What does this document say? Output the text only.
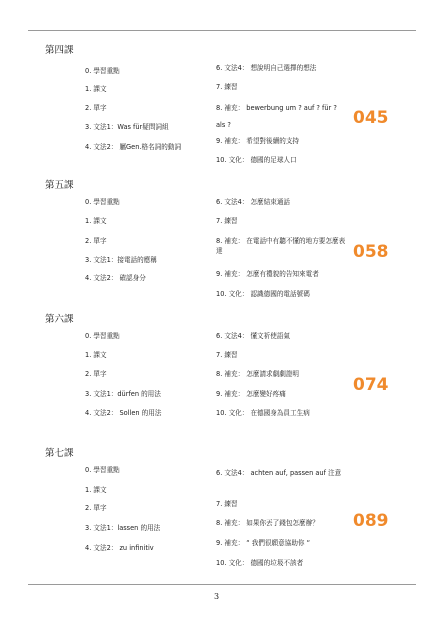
第四課
0. 學習重點
1. 課文
2. 單字
3. 文法1：Was für疑問詞組
4. 文法2： 屬Gen.格名詞的動詞
6. 文法4： 想說明自己選擇的想法
7. 練習
8. 補充： bewerbung um ? auf ? für ? als ?
9. 補充： 希望對後續的支持
10. 文化： 德國的足球人口
045
第五課
0. 學習重點
1. 課文
2. 單字
3. 文法1：接電話的應稱
4. 文法2： 確認身分
6. 文法4： 怎麼結束通話
7. 練習
8. 補充： 在電話中有聽不懂的地方要怎麼表達
9. 補充： 怎麼有禮貌的告知來電者
10. 文化： 認識德國的電話號碼
058
第六課
0. 學習重點
1. 課文
2. 單字
3. 文法1：dürfen 的用法
4. 文法2： Sollen 的用法
6. 文法4： 懂文祈使語氣
7. 練習
8. 補充： 怎麼請求劇劇證明
9. 補充： 怎麼變好疼痛
10. 文化： 在德國身為員工生病
074
第七課
0. 學習重點
1. 課文
2. 單字
3. 文法1：lassen 的用法
4. 文法2： zu infinitiv
6. 文法4： achten auf, passen auf 注意
7. 練習
8. 補充： 如果你丟了錢包怎麼辦？
9. 補充： “ 我們很願意協助你 “
10. 文化： 德國的垃圾不該者
089
3
